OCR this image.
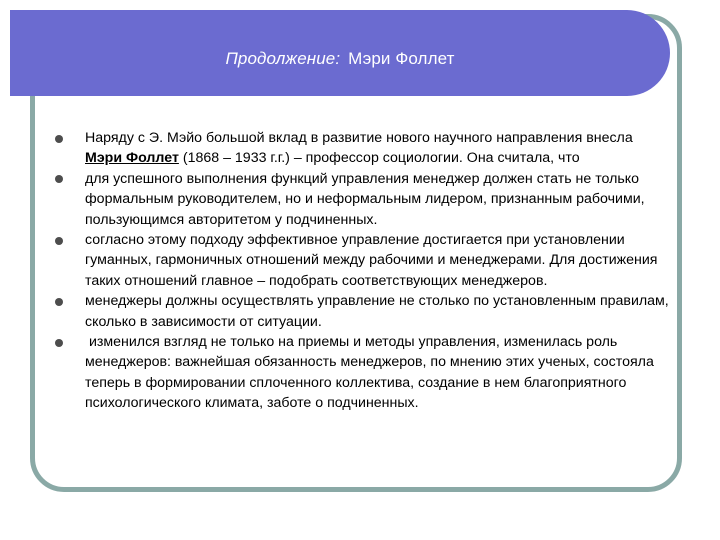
Продолжение: Мэри Фоллет
Наряду с Э. Мэйо большой вклад в развитие нового научного направления внесла Мэри Фоллет (1868 – 1933 г.г.) – профессор социологии. Она считала, что
для успешного выполнения функций управления менеджер должен стать не только формальным руководителем, но и неформальным лидером, признанным рабочими, пользующимся авторитетом у подчиненных.
согласно этому подходу эффективное управление достигается при установлении гуманных, гармоничных отношений между рабочими и менеджерами. Для достижения таких отношений главное – подобрать соответствующих менеджеров.
менеджеры должны осуществлять управление не столько по установленным правилам, сколько в зависимости от ситуации.
изменился взгляд не только на приемы и методы управления, изменилась роль менеджеров: важнейшая обязанность менеджеров, по мнению этих ученых, состояла теперь в формировании сплоченного коллектива, создание в нем благоприятного психологического климата, заботе о подчиненных.
